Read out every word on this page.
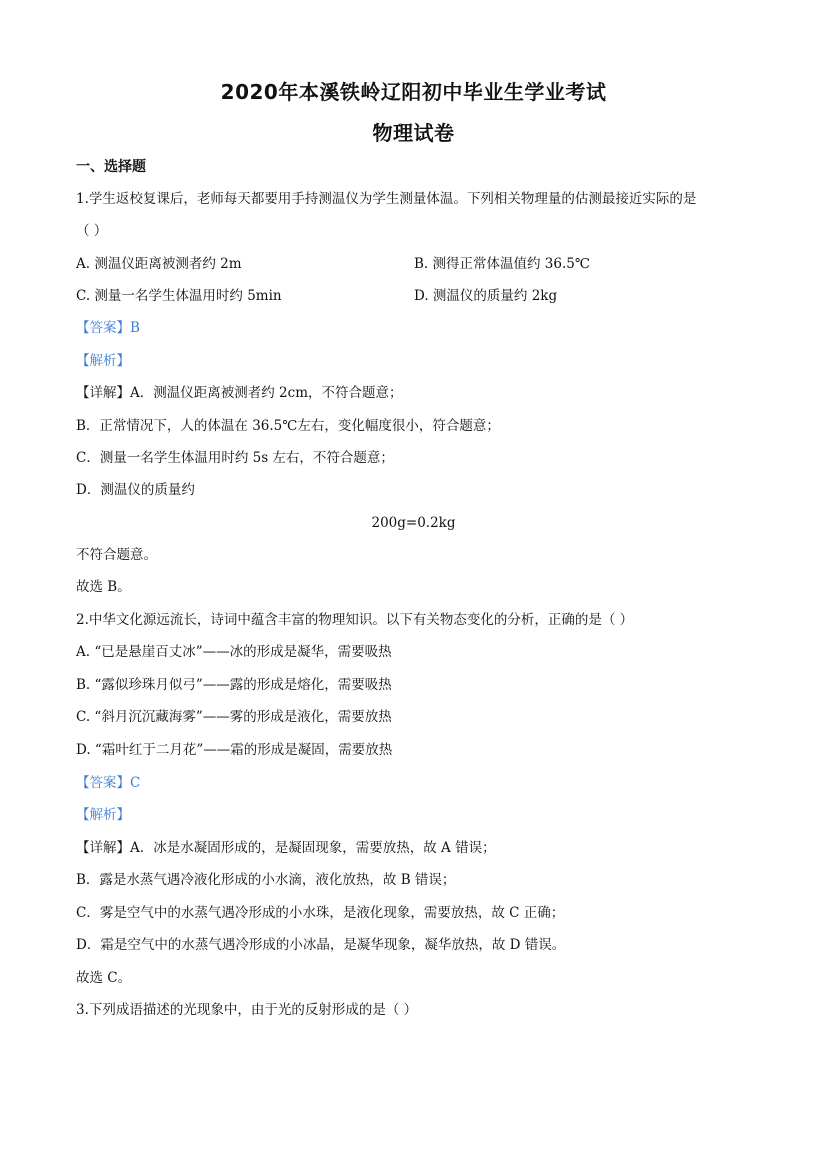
2020年本溪铁岭辽阳初中毕业生学业考试
物理试卷
一、选择题
1.学生返校复课后，老师每天都要用手持测温仪为学生测量体温。下列相关物理量的估测最接近实际的是
（ ）
A. 测温仪距离被测者约 2m	B. 测得正常体温值约 36.5℃
C. 测量一名学生体温用时约 5min	D. 测温仪的质量约 2kg
【答案】B
【解析】
【详解】A．测温仪距离被测者约 2cm，不符合题意；
B．正常情况下，人的体温在 36.5℃左右，变化幅度很小，符合题意；
C．测量一名学生体温用时约 5s 左右，不符合题意；
D．测温仪的质量约
200g=0.2kg
不符合题意。
故选 B。
2.中华文化源远流长，诗词中蕴含丰富的物理知识。以下有关物态变化的分析，正确的是（ ）
A. “已是悬崖百丈冰”——冰的形成是凝华，需要吸热
B. “露似珍珠月似弓”——露的形成是熔化，需要吸热
C. “斜月沉沉藏海雾”——雾的形成是液化，需要放热
D. “霜叶红于二月花”——霜的形成是凝固，需要放热
【答案】C
【解析】
【详解】A．冰是水凝固形成的，是凝固现象，需要放热，故 A 错误；
B．露是水蒸气遇冷液化形成的小水滴，液化放热，故 B 错误；
C．雾是空气中的水蒸气遇冷形成的小水珠，是液化现象，需要放热，故 C 正确；
D．霜是空气中的水蒸气遇冷形成的小冰晶，是凝华现象，凝华放热，故 D 错误。
故选 C。
3.下列成语描述的光现象中，由于光的反射形成的是（ ）
